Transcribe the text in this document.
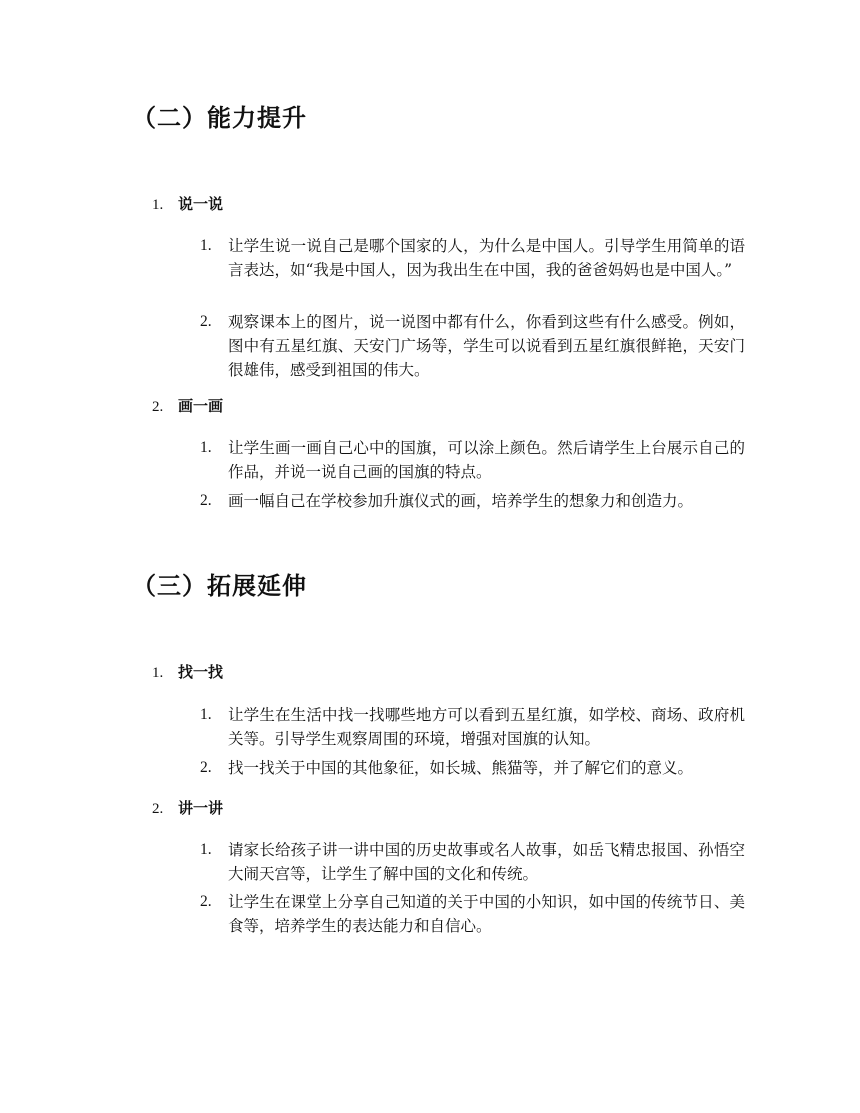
（二）能力提升
1. 说一说
1. 让学生说一说自己是哪个国家的人，为什么是中国人。引导学生用简单的语言表达，如“我是中国人，因为我出生在中国，我的爸爸妈妈也是中国人。”
2. 观察课本上的图片，说一说图中都有什么，你看到这些有什么感受。例如，图中有五星红旗、天安门广场等，学生可以说看到五星红旗很鲜艳，天安门很雄伟，感受到祖国的伟大。
2. 画一画
1. 让学生画一画自己心中的国旗，可以涂上颜色。然后请学生上台展示自己的作品，并说一说自己画的国旗的特点。
2. 画一幅自己在学校参加升旗仪式的画，培养学生的想象力和创造力。
（三）拓展延伸
1. 找一找
1. 让学生在生活中找一找哪些地方可以看到五星红旗，如学校、商场、政府机关等。引导学生观察周围的环境，增强对国旗的认知。
2. 找一找关于中国的其他象征，如长城、熊猫等，并了解它们的意义。
2. 讲一讲
1. 请家长给孩子讲一讲中国的历史故事或名人故事，如岳飞精忠报国、孙悟空大闹天宫等，让学生了解中国的文化和传统。
2. 让学生在课堂上分享自己知道的关于中国的小知识，如中国的传统节日、美食等，培养学生的表达能力和自信心。
